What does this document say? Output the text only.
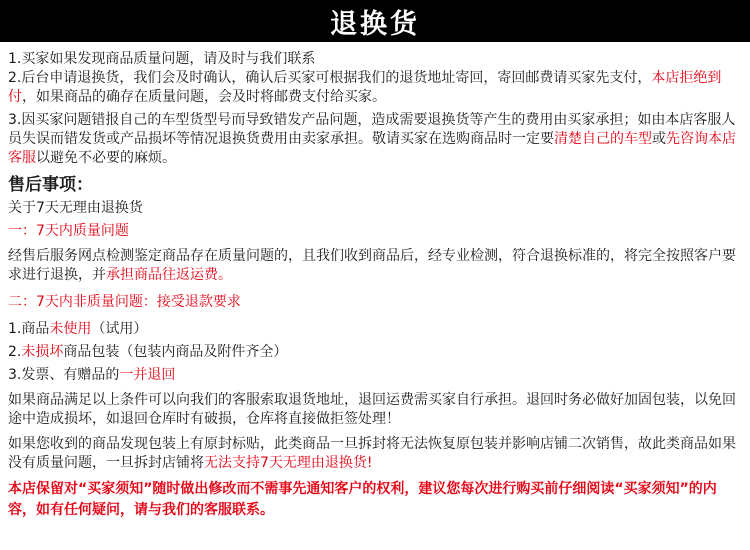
退换货

1.买家如果发现商品质量问题，请及时与我们联系

2.后台申请退换货，我们会及时确认，确认后买家可根据我们的退货地址寄回，寄回邮费请买家先支付，本店拒绝到付，如果商品的确存在质量问题，会及时将邮费支付给买家。

3.因买家问题错报自己的车型货型号而导致错发产品问题，造成需要退换货等产生的费用由买家承担；如由本店客服人员失误而错发货或产品损坏等情况退换货费用由卖家承担。敬请买家在选购商品时一定要清楚自己的车型或先咨询本店客服以避免不必要的麻烦。

售后事项：

关于7天无理由退换货

一：7天内质量问题

经售后服务网点检测鉴定商品存在质量问题的，且我们收到商品后，经专业检测，符合退换标准的，将完全按照客户要求进行退换，并承担商品往返运费。

二：7天内非质量问题：接受退款要求

1.商品未使用（试用）

2.未损坏商品包装（包装内商品及附件齐全）

3.发票、有赠品的一并退回

如果商品满足以上条件可以向我们的客服索取退货地址，退回运费需买家自行承担。退回时务必做好加固包装，以免回途中造成损坏，如退回仓库时有破损，仓库将直接做拒签处理！

如果您收到的商品发现包装上有原封标贴，此类商品一旦拆封将无法恢复原包装并影响店铺二次销售，故此类商品如果没有质量问题，一旦拆封店铺将无法支持7天无理由退换货!

本店保留对“买家须知”随时做出修改而不需事先通知客户的权利，建议您每次进行购买前仔细阅读“买家须知”的内容，如有任何疑问，请与我们的客服联系。
